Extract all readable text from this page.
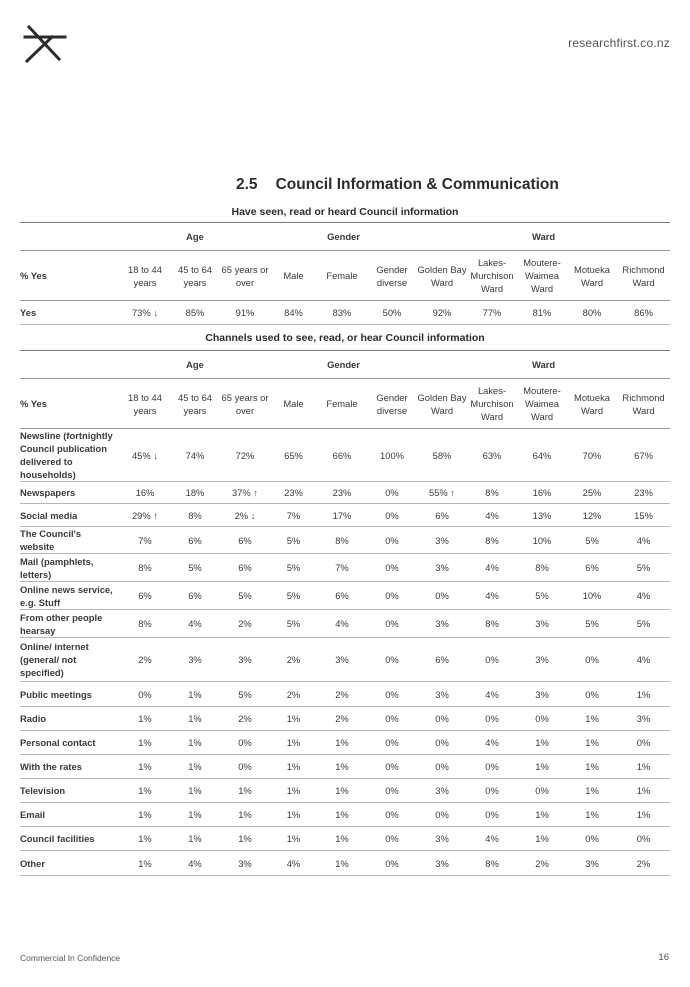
researchfirst.co.nz
2.5 Council Information & Communication
Have seen, read or heard Council information
	Age			Gender			Ward				
% Yes	18 to 44 years	45 to 64 years	65 years or over	Male	Female	Gender diverse	Golden Bay Ward	Lakes-Murchison Ward	Moutere-Waimea Ward	Motueka Ward	Richmond Ward
Yes	73% ↓	85%	91%	84%	83%	50%	92%	77%	81%	80%	86%
Channels used to see, read, or hear Council information
	Age			Gender			Ward				
% Yes	18 to 44 years	45 to 64 years	65 years or over	Male	Female	Gender diverse	Golden Bay Ward	Lakes-Murchison Ward	Moutere-Waimea Ward	Motueka Ward	Richmond Ward
Newsline (fortnightly Council publication delivered to households)	45% ↓	74%	72%	65%	66%	100%	58%	63%	64%	70%	67%
Newspapers	16%	18%	37% ↑	23%	23%	0%	55% ↑	8%	16%	25%	23%
Social media	29% ↑	8%	2% ↓	7%	17%	0%	6%	4%	13%	12%	15%
The Council's website	7%	6%	6%	5%	8%	0%	3%	8%	10%	5%	4%
Mail (pamphlets, letters)	8%	5%	6%	5%	7%	0%	3%	4%	8%	6%	5%
Online news service, e.g. Stuff	6%	6%	5%	5%	6%	0%	0%	4%	5%	10%	4%
From other people hearsay	8%	4%	2%	5%	4%	0%	3%	8%	3%	5%	5%
Online/ internet (general/ not specified)	2%	3%	3%	2%	3%	0%	6%	0%	3%	0%	4%
Public meetings	0%	1%	5%	2%	2%	0%	3%	4%	3%	0%	1%
Radio	1%	1%	2%	1%	2%	0%	0%	0%	0%	1%	3%
Personal contact	1%	1%	0%	1%	1%	0%	0%	4%	1%	1%	0%
With the rates	1%	1%	0%	1%	1%	0%	0%	0%	1%	1%	1%
Television	1%	1%	1%	1%	1%	0%	3%	0%	0%	1%	1%
Email	1%	1%	1%	1%	1%	0%	0%	0%	1%	1%	1%
Council facilities	1%	1%	1%	1%	1%	0%	3%	4%	1%	0%	0%
Other	1%	4%	3%	4%	1%	0%	3%	8%	2%	3%	2%
Commercial In Confidence	16
